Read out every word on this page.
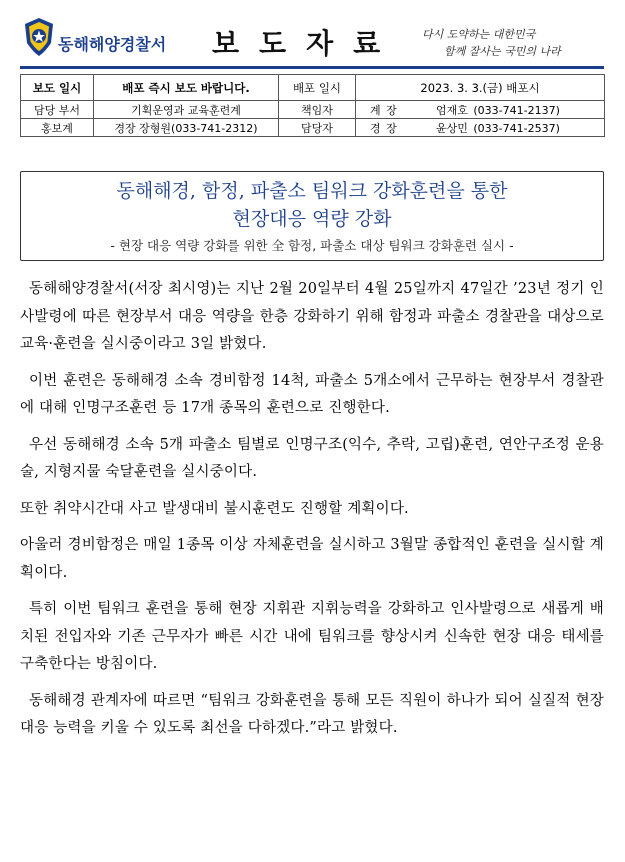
동해해양경찰서 보도자료 다시 도약하는 대한민국
함께 잘사는 국민의 나라
보도 일시	배포 즉시 보도 바랍니다.	배포 일시	2023. 3. 3.(금) 배포시
담당 부서	기획운영과 교육훈련계	책임자	계 장 엄재호 (033-741-2137)
홍보계	경장 장형원(033-741-2312)	담당자	경 장 윤상민 (033-741-2537)
동해해경, 함정, 파출소 팀워크 강화훈련을 통한
현장대응 역량 강화
- 현장 대응 역량 강화를 위한 全 함정, 파출소 대상 팀워크 강화훈련 실시 -

동해해양경찰서(서장 최시영)는 지난 2월 20일부터 4월 25일까지 47일간 ’23년 정기 인사발령에 따른 현장부서 대응 역량을 한층 강화하기 위해 함정과 파출소 경찰관을 대상으로 교육·훈련을 실시중이라고 3일 밝혔다.

이번 훈련은 동해해경 소속 경비함정 14척, 파출소 5개소에서 근무하는 현장부서 경찰관에 대해 인명구조훈련 등 17개 종목의 훈련으로 진행한다.

우선 동해해경 소속 5개 파출소 팀별로 인명구조(익수, 추락, 고립)훈련, 연안구조정 운용술, 지형지물 숙달훈련을 실시중이다.

또한 취약시간대 사고 발생대비 불시훈련도 진행할 계획이다.

아울러 경비함정은 매일 1종목 이상 자체훈련을 실시하고 3월말 종합적인 훈련을 실시할 계획이다.

특히 이번 팀워크 훈련을 통해 현장 지휘관 지휘능력을 강화하고 인사발령으로 새롭게 배치된 전입자와 기존 근무자가 빠른 시간 내에 팀워크를 향상시켜 신속한 현장 대응 태세를 구축한다는 방침이다.

동해해경 관계자에 따르면 “팀워크 강화훈련을 통해 모든 직원이 하나가 되어 실질적 현장 대응 능력을 키울 수 있도록 최선을 다하겠다.”라고 밝혔다.
